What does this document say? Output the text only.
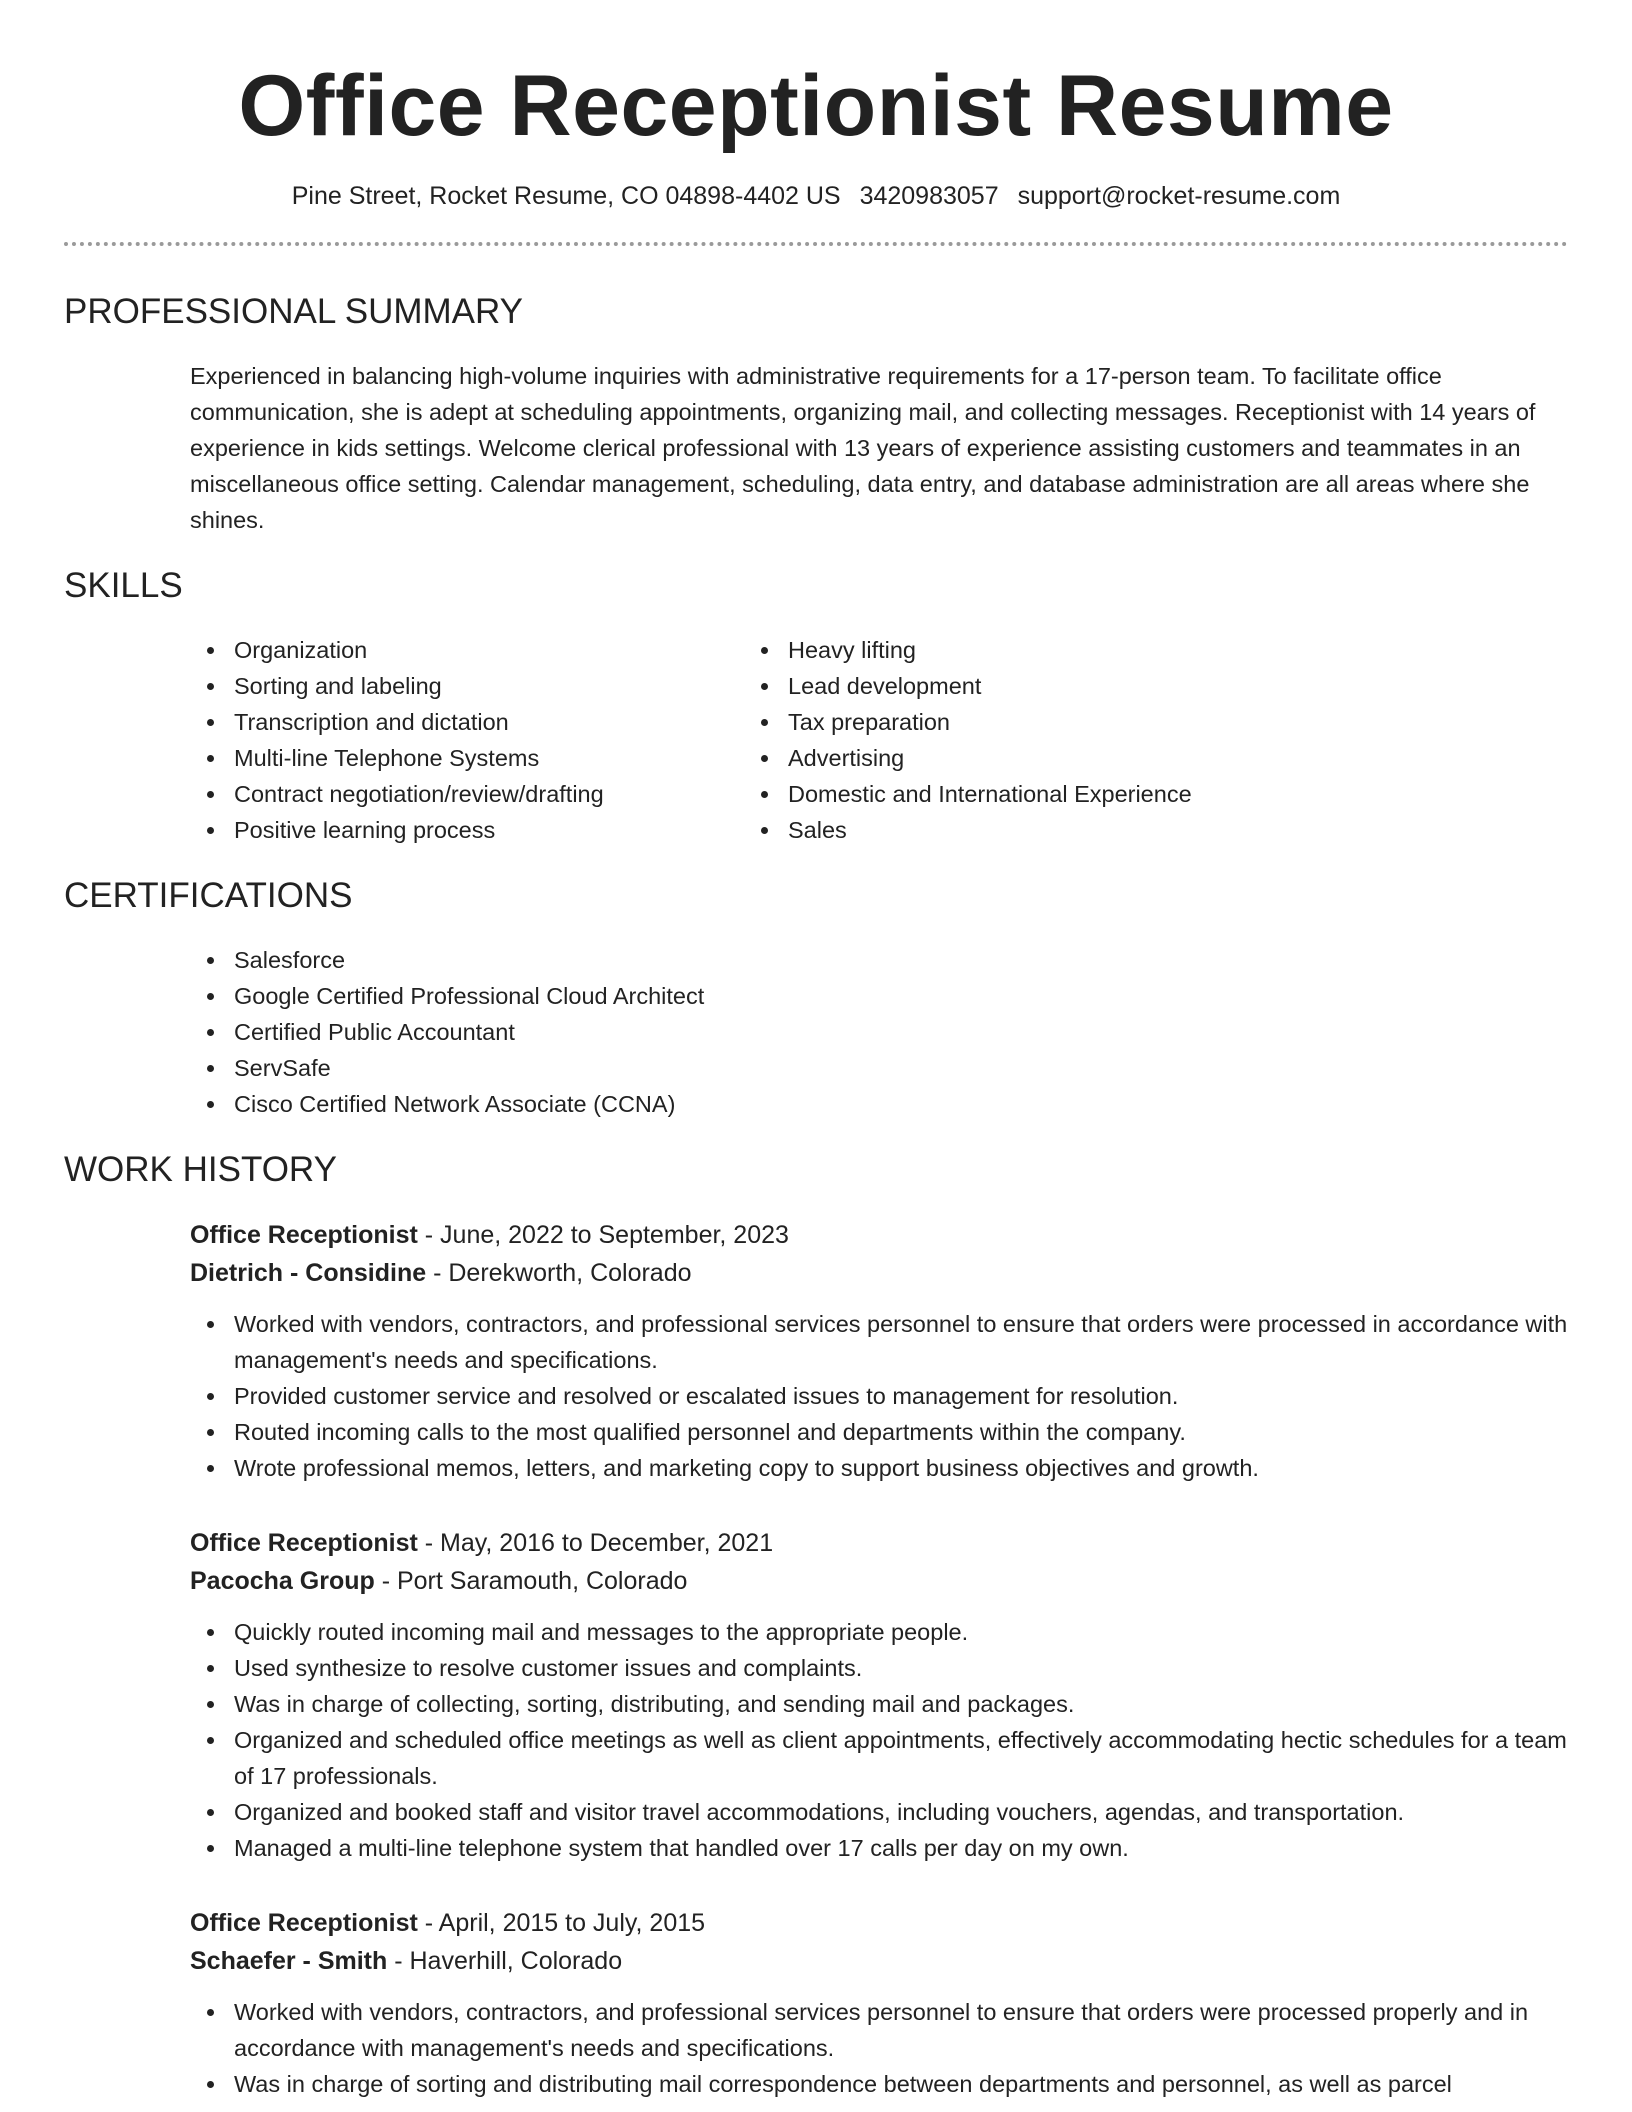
Office Receptionist Resume
Pine Street, Rocket Resume, CO 04898-4402 US 3420983057 support@rocket-resume.com
PROFESSIONAL SUMMARY

Experienced in balancing high-volume inquiries with administrative requirements for a 17-person team. To facilitate office communication, she is adept at scheduling appointments, organizing mail, and collecting messages. Receptionist with 14 years of experience in kids settings. Welcome clerical professional with 13 years of experience assisting customers and teammates in an miscellaneous office setting. Calendar management, scheduling, data entry, and database administration are all areas where she shines.

SKILLS
Organization
Sorting and labeling
Transcription and dictation
Multi-line Telephone Systems
Contract negotiation/review/drafting
Positive learning process
Heavy lifting
Lead development
Tax preparation
Advertising
Domestic and International Experience
Sales
CERTIFICATIONS
Salesforce
Google Certified Professional Cloud Architect
Certified Public Accountant
ServSafe
Cisco Certified Network Associate (CCNA)
WORK HISTORY
Office Receptionist - June, 2022 to September, 2023
Dietrich - Considine - Derekworth, Colorado
Worked with vendors, contractors, and professional services personnel to ensure that orders were processed in accordance with management's needs and specifications.
Provided customer service and resolved or escalated issues to management for resolution.
Routed incoming calls to the most qualified personnel and departments within the company.
Wrote professional memos, letters, and marketing copy to support business objectives and growth.
Office Receptionist - May, 2016 to December, 2021
Pacocha Group - Port Saramouth, Colorado
Quickly routed incoming mail and messages to the appropriate people.
Used synthesize to resolve customer issues and complaints.
Was in charge of collecting, sorting, distributing, and sending mail and packages.
Organized and scheduled office meetings as well as client appointments, effectively accommodating hectic schedules for a team of 17 professionals.
Organized and booked staff and visitor travel accommodations, including vouchers, agendas, and transportation.
Managed a multi-line telephone system that handled over 17 calls per day on my own.
Office Receptionist - April, 2015 to July, 2015
Schaefer - Smith - Haverhill, Colorado
Worked with vendors, contractors, and professional services personnel to ensure that orders were processed properly and in accordance with management's needs and specifications.
Was in charge of sorting and distributing mail correspondence between departments and personnel, as well as parcel
